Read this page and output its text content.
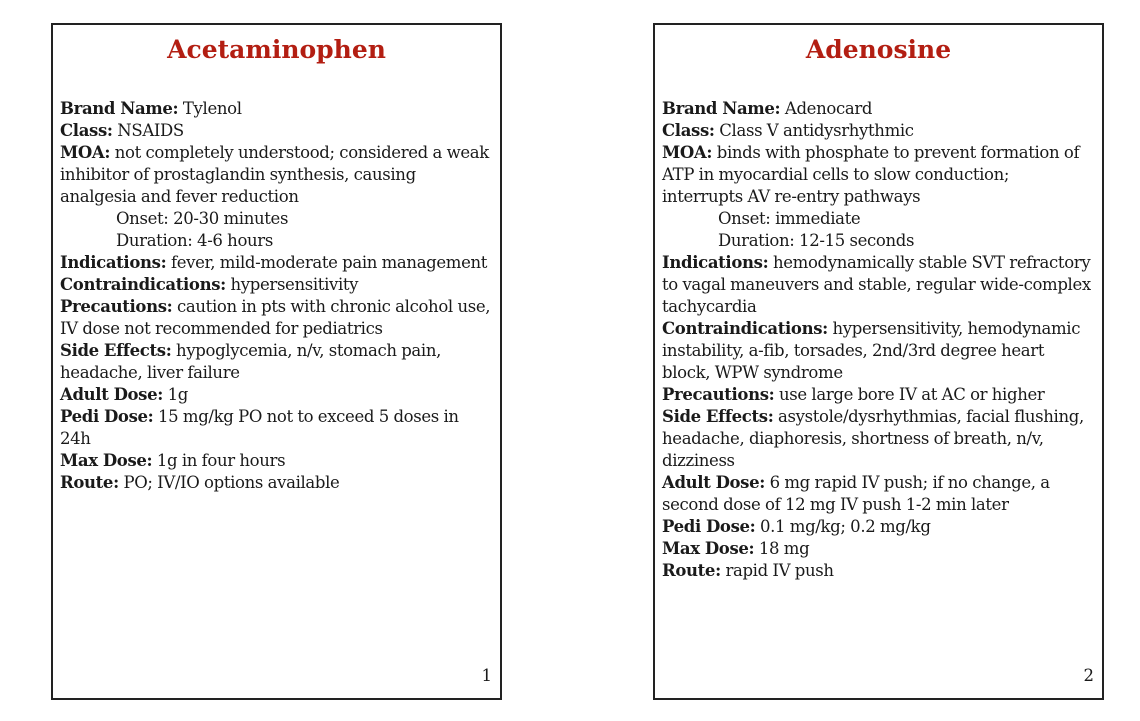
Acetaminophen

Brand Name: Tylenol

Class: NSAIDS

MOA: not completely understood; considered a weak inhibitor of prostaglandin synthesis, causing analgesia and fever reduction

Onset: 20-30 minutes

Duration: 4-6 hours

Indications: fever, mild-moderate pain management

Contraindications: hypersensitivity

Precautions: caution in pts with chronic alcohol use, IV dose not recommended for pediatrics

Side Effects: hypoglycemia, n/v, stomach pain, headache, liver failure

Adult Dose: 1g

Pedi Dose: 15 mg/kg PO not to exceed 5 doses in 24h

Max Dose: 1g in four hours

Route: PO; IV/IO options available

1
Adenosine

Brand Name: Adenocard

Class: Class V antidysrhythmic

MOA: binds with phosphate to prevent formation of ATP in myocardial cells to slow conduction; interrupts AV re-entry pathways

Onset: immediate

Duration: 12-15 seconds

Indications: hemodynamically stable SVT refractory to vagal maneuvers and stable, regular wide-complex tachycardia

Contraindications: hypersensitivity, hemodynamic instability, a-fib, torsades, 2nd/3rd degree heart block, WPW syndrome

Precautions: use large bore IV at AC or higher

Side Effects: asystole/dysrhythmias, facial flushing, headache, diaphoresis, shortness of breath, n/v, dizziness

Adult Dose: 6 mg rapid IV push; if no change, a second dose of 12 mg IV push 1-2 min later

Pedi Dose: 0.1 mg/kg; 0.2 mg/kg

Max Dose: 18 mg

Route: rapid IV push

2
